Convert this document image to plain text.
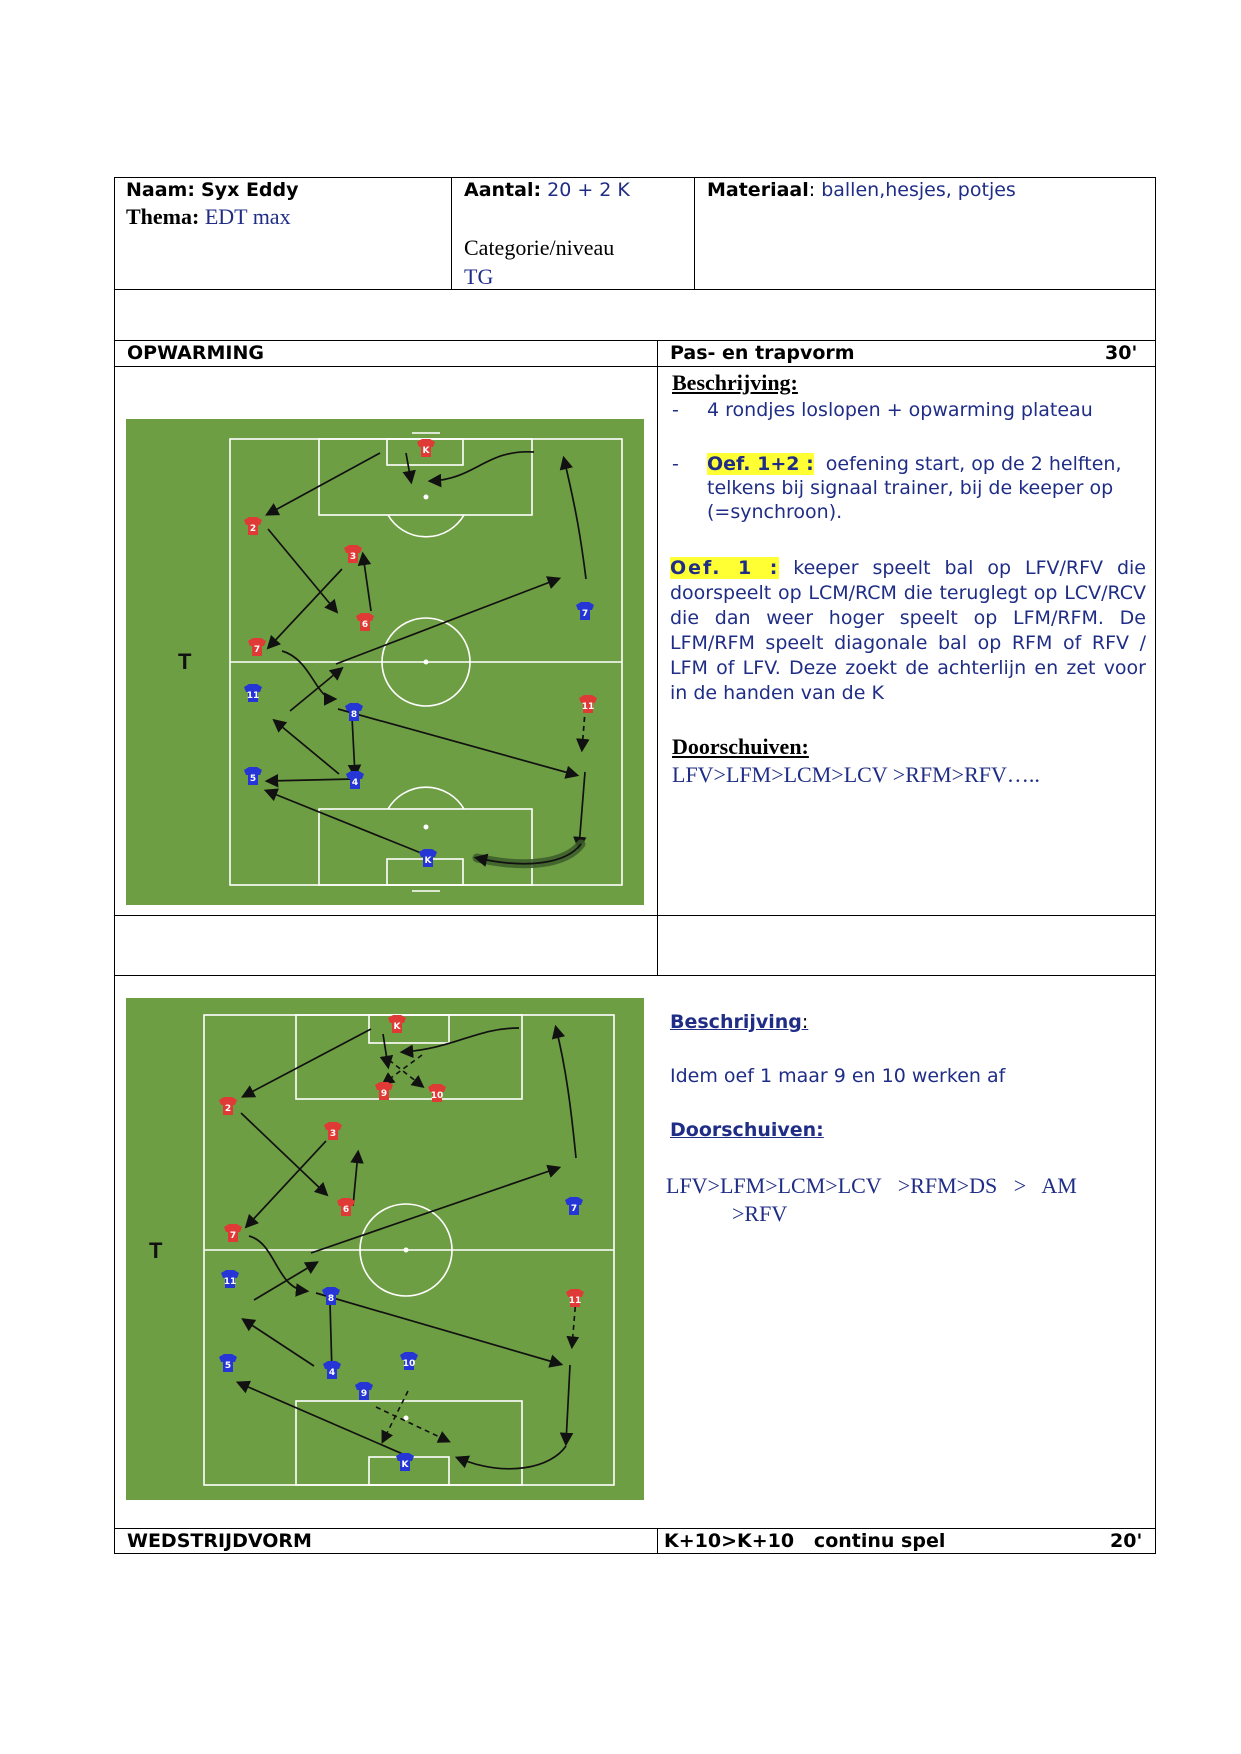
Naam: Syx Eddy
Thema: EDT max
Aantal: 20 + 2 K
Categorie/niveau
TG
Materiaal: ballen,hesjes, potjes
OPWARMING	Pas- en trapvorm	30'
Beschrijving:
- 4 rondjes loslopen + opwarming plateau
- Oef. 1+2 : oefening start, op de 2 helften, telkens bij signaal trainer, bij de keeper op (=synchroon).
Oef. 1 : keeper speelt bal op LFV/RFV die doorspeelt op LCM/RCM die teruglegt op LCV/RCV die dan weer hoger speelt op LFM/RFM. De LFM/RFM speelt diagonale bal op RFM of RFV / LFM of LFV. Deze zoekt de achterlijn en zet voor in de handen van de K
Doorschuiven:
LFV>LFM>LCM>LCV >RFM>RFV…..
T
K
K
2
3
6
7
11
7
11
8
5	4
T
K
K
9	10
2
3
6
7
11
7
11
8
5
4
9
10
Beschrijving:
Idem oef 1 maar 9 en 10 werken af
Doorschuiven:
LFV>LFM>LCM>LCV   >RFM>DS   >   AM
>RFV
WEDSTRIJDVORM	K+10>K+10   continu spel	20'
